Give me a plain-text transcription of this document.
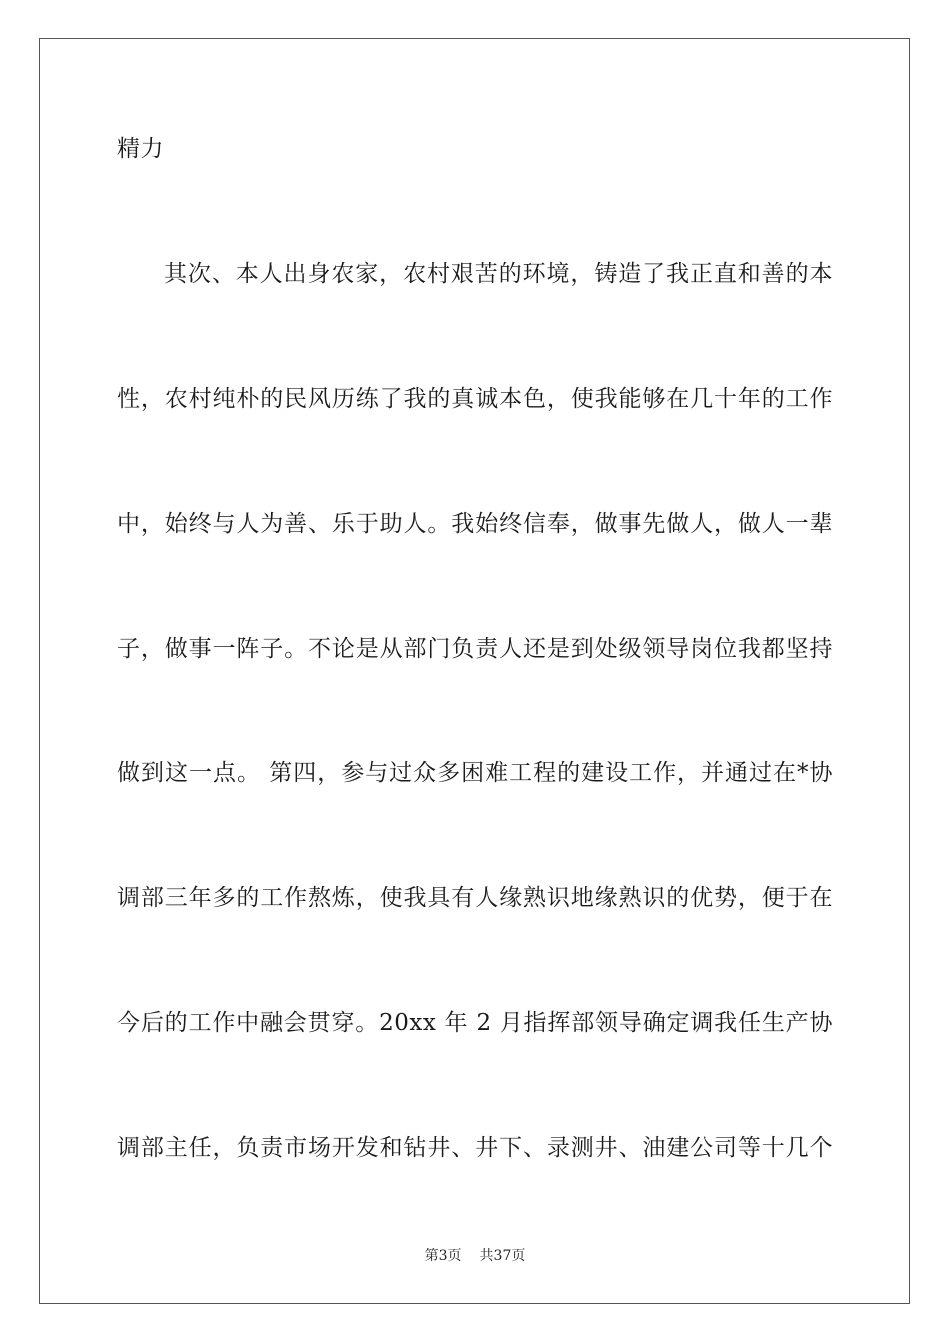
精力
其次、本人出身农家，农村艰苦的环境，铸造了我正直和善的本
性，农村纯朴的民风历练了我的真诚本色，使我能够在几十年的工作
中，始终与人为善、乐于助人。我始终信奉，做事先做人，做人一辈
子，做事一阵子。不论是从部门负责人还是到处级领导岗位我都坚持
做到这一点。 第四，参与过众多困难工程的建设工作，并通过在*协
调部三年多的工作熬炼，使我具有人缘熟识地缘熟识的优势，便于在
今后的工作中融会贯穿。20xx 年 2 月指挥部领导确定调我任生产协
调部主任，负责市场开发和钻井、井下、录测井、油建公司等十几个
第3页 共37页
